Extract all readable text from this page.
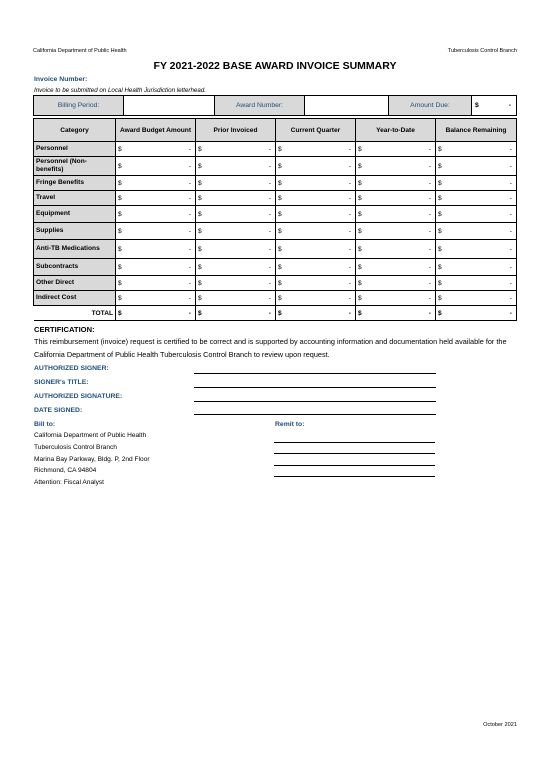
California Department of Public Health	Tuberculosis Control Branch
FY 2021-2022 BASE AWARD INVOICE SUMMARY
Invoice Number:
Invoice to be submitted on Local Health Jurisdiction letterhead.
Billing Period:		Award Number:		Amount Due:	$	-
Category	Award Budget Amount	Prior Invoiced	Current Quarter	Year-to-Date	Balance Remaining
Personnel	$ -	$ -	$ -	$ -	$ -

Personnel (Non-benefits)	$ -	$ -	$ -	$ -	$ -

Fringe Benefits	$ -	$ -	$ -	$ -	$ -

Travel	$ -	$ -	$ -	$ -	$ -

Equipment	$ -	$ -	$ -	$ -	$ -

Supplies	$ -	$ -	$ -	$ -	$ -

Anti-TB Medications	$ -	$ -	$ -	$ -	$ -

Subcontracts	$ -	$ -	$ -	$ -	$ -

Other Direct	$ -	$ -	$ -	$ -	$ -

Indirect Cost	$ -	$ -	$ -	$ -	$ -

TOTAL	$ -	$ -	$ -	$ -	$ -
CERTIFICATION:
This reimbursement (invoice) request is certified to be correct and is supported by accounting information and documentation held available for the California Department of Public Health Tuberculosis Control Branch to review upon request.
AUTHORIZED SIGNER:
SIGNER's TITLE:
AUTHORIZED SIGNATURE:
DATE SIGNED:
Bill to:	Remit to:
California Department of Public Health
Tuberculosis Control Branch
Marina Bay Parkway, Bldg. P, 2nd Floor
Richmond, CA 94804
Attention: Fiscal Analyst
October 2021
